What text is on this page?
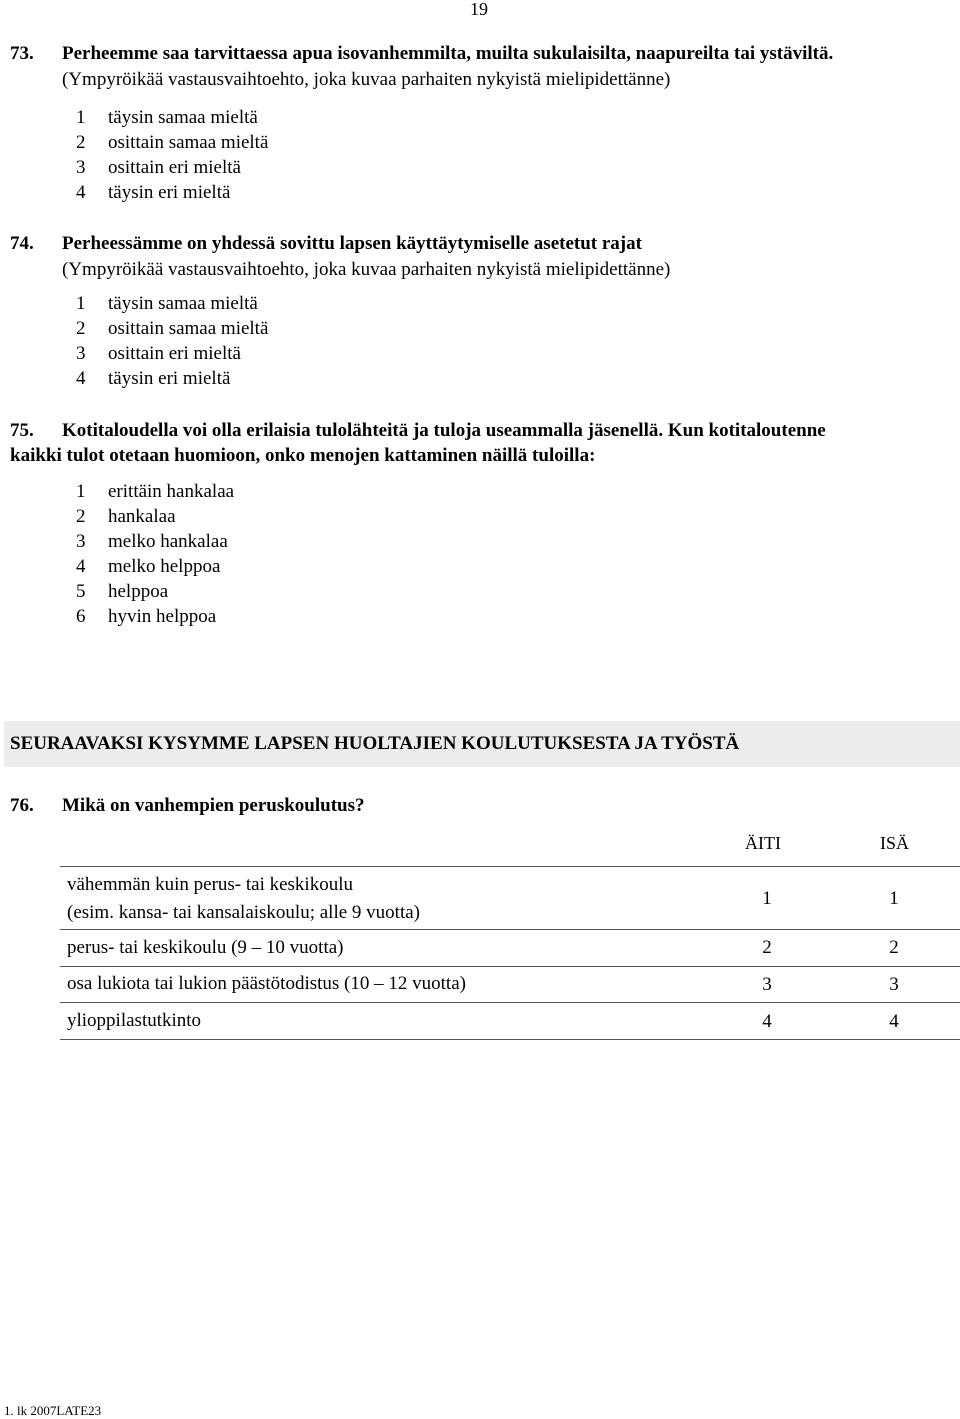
19
73. Perheemme saa tarvittaessa apua isovanhemmilta, muilta sukulaisilta, naapureilta tai ystäviltä.
(Ympyröikää vastausvaihtoehto, joka kuvaa parhaiten nykyistä mielipidettänne)
1 täysin samaa mieltä
2 osittain samaa mieltä
3 osittain eri mieltä
4 täysin eri mieltä
74. Perheessämme on yhdessä sovittu lapsen käyttäytymiselle asetetut rajat
(Ympyröikää vastausvaihtoehto, joka kuvaa parhaiten nykyistä mielipidettänne)
1 täysin samaa mieltä
2 osittain samaa mieltä
3 osittain eri mieltä
4 täysin eri mieltä
75. Kotitaloudella voi olla erilaisia tulolähteitä ja tuloja useammalla jäsenellä. Kun kotitaloutenne
kaikki tulot otetaan huomioon, onko menojen kattaminen näillä tuloilla:
1 erittäin hankalaa
2 hankalaa
3 melko hankalaa
4 melko helppoa
5 helppoa
6 hyvin helppoa
SEURAAVAKSI KYSYMME LAPSEN HUOLTAJIEN KOULUTUKSESTA JA TYÖSTÄ
76. Mikä on vanhempien peruskoulutus?
ÄITI	ISÄ
vähemmän kuin perus- tai keskikoulu
(esim. kansa- tai kansalaiskoulu; alle 9 vuotta)
1	1
perus- tai keskikoulu (9 – 10 vuotta)	2	2
osa lukiota tai lukion päästötodistus (10 – 12 vuotta)	3	3
ylioppilastutkinto	4	4
1. lk 2007LATE23
